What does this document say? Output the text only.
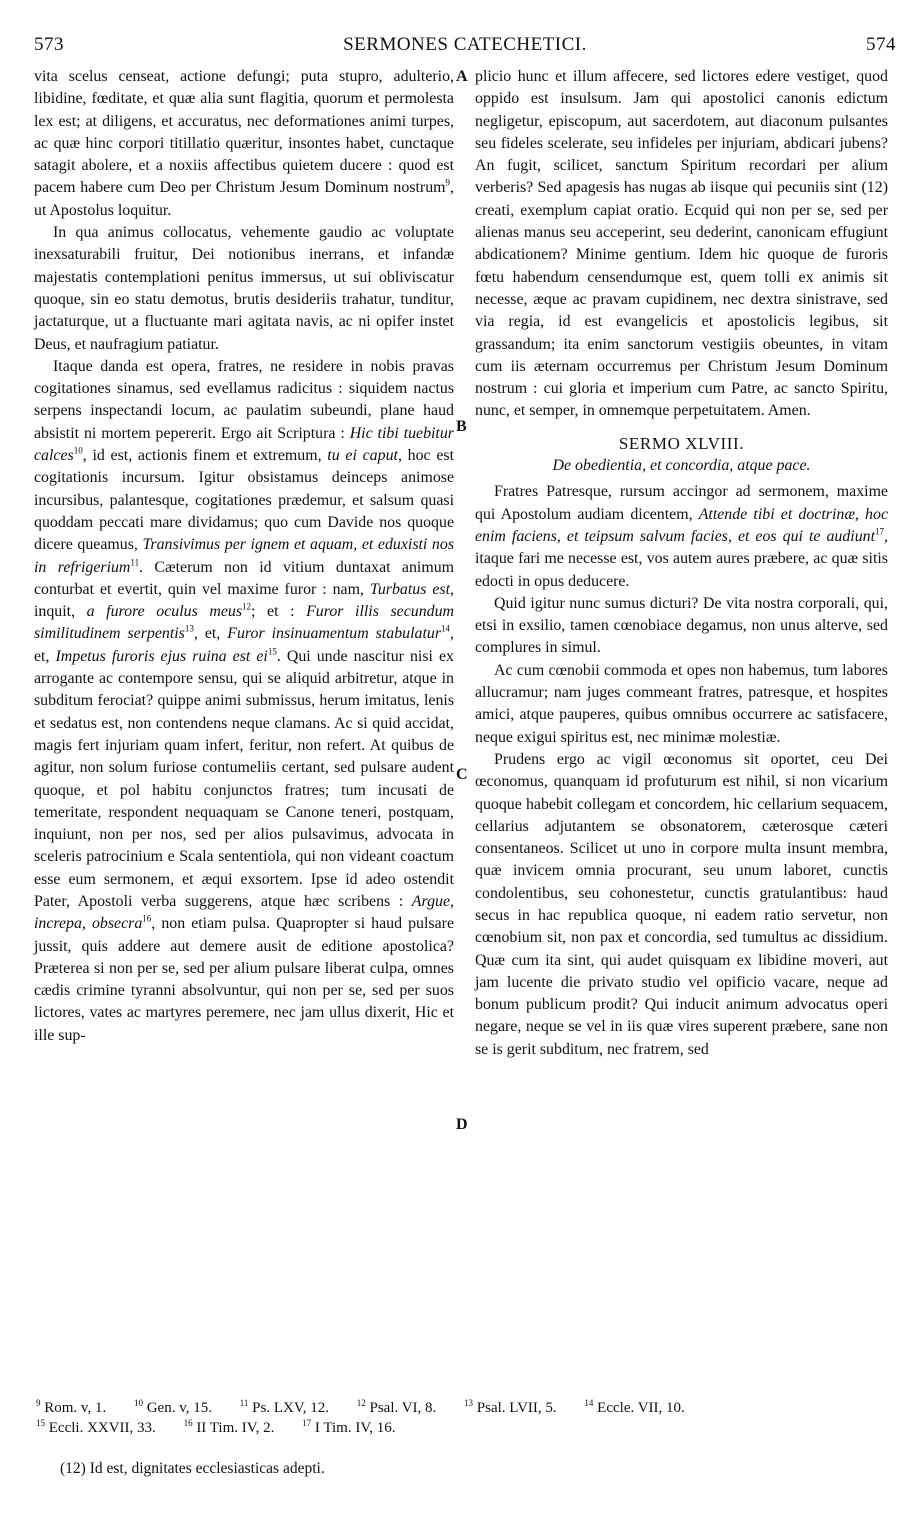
573	SERMONES CATECHETICI.	574
A
B
C
D

vita scelus censeat, actione defungi; puta stupro, adulterio, libidine, fœditate, et quæ alia sunt flagitia, quorum et permolesta lex est; at diligens, et accuratus, nec deformationes animi turpes, ac quæ hinc corpori titillatio quæritur, insontes habet, cunctaque satagit abolere, et a noxiis affectibus quietem ducere : quod est pacem habere cum Deo per Christum Jesum Dominum nostrum$^9$, ut Apostolus loquitur.

In qua animus collocatus, vehemente gaudio ac voluptate inexsaturabili fruitur, Dei notionibus inerrans, et infandæ majestatis contemplationi penitus immersus, ut sui obliviscatur quoque, sin eo statu demotus, brutis desideriis trahatur, tunditur, jactaturque, ut a fluctuante mari agitata navis, ac ni opifer instet Deus, et naufragium patiatur.

Itaque danda est opera, fratres, ne residere in nobis pravas cogitationes sinamus, sed evellamus radicitus : siquidem nactus serpens inspectandi locum, ac paulatim subeundi, plane haud absistit ni mortem pepererit. Ergo ait Scriptura : Hic tibi tuebitur calces$^{10}$, id est, actionis finem et extremum, tu ei caput, hoc est cogitationis incursum. Igitur obsistamus deinceps animose incursibus, palantesque, cogitationes prædemur, et salsum quasi quoddam peccati mare dividamus; quo cum Davide nos quoque dicere queamus, Transivimus per ignem et aquam, et eduxisti nos in refrigerium$^{11}$. Cæterum non id vitium duntaxat animum conturbat et evertit, quin vel maxime furor : nam, Turbatus est, inquit, a furore oculus meus$^{12}$; et : Furor illis secundum similitudinem serpentis$^{13}$, et, Furor insinuamentum stabulatur$^{14}$, et, Impetus furoris ejus ruina est $ei^{15}$. Qui unde nascitur nisi ex arrogante ac contempore sensu, qui se aliquid arbitretur, atque in subditum ferociat? quippe animi submissus, herum imitatus, lenis et sedatus est, non contendens neque clamans. Ac si quid accidat, magis fert injuriam quam infert, feritur, non refert. At quibus de agitur, non solum furiose contumeliis certant, sed pulsare audent quoque, et pol habitu conjunctos fratres; tum incusati de temeritate, respondent nequaquam se Canone teneri, postquam, inquiunt, non per nos, sed per alios pulsavimus, advocata in sceleris patrocinium e Scala sententiola, qui non videant coactum esse eum sermonem, et æqui exsortem. Ipse id adeo ostendit Pater, Apostoli verba suggerens, atque hæc scribens : Argue, increpa, obsecra$^{16}$, non etiam pulsa. Quapropter si haud pulsare jussit, quis addere aut demere ausit de editione apostolica? Præterea si non per se, sed per alium pulsare liberat culpa, omnes cædis crimine tyranni absolvuntur, qui non per se, sed per suos lictores, vates ac martyres peremere, nec jam ullus dixerit, Hic et ille sup-

plicio hunc et illum affecere, sed lictores edere vestiget, quod oppido est insulsum. Jam qui apostolici canonis edictum negligetur, episcopum, aut sacerdotem, aut diaconum pulsantes seu fideles scelerate, seu infideles per injuriam, abdicari jubens? An fugit, scilicet, sanctum Spiritum recordari per alium verberis? Sed apagesis has nugas ab iisque qui pecuniis sint (12) creati, exemplum capiat oratio. Ecquid qui non per se, sed per alienas manus seu acceperint, seu dederint, canonicam effugiunt abdicationem? Minime gentium. Idem hic quoque de furoris fœtu habendum censendumque est, quem tolli ex animis sit necesse, æque ac pravam cupidinem, nec dextra sinistrave, sed via regia, id est evangelicis et apostolicis legibus, sit grassandum; ita enim sanctorum vestigiis obeuntes, in vitam cum iis æternam occurremus per Christum Jesum Dominum nostrum : cui gloria et imperium cum Patre, ac sancto Spiritu, nunc, et semper, in omnemque perpetuitatem. Amen.

SERMO XLVIII.
De obedientia, et concordia, atque pace.

Fratres Patresque, rursum accingor ad sermonem, maxime qui Apostolum audiam dicentem, Attende tibi et doctrinæ, hoc enim faciens, et teipsum salvum facies, et eos qui te audiunt$^{17}$, itaque fari me necesse est, vos autem aures præbere, ac quæ sitis edocti in opus deducere.

Quid igitur nunc sumus dicturi? De vita nostra corporali, qui, etsi in exsilio, tamen cœnobiace degamus, non unus alterve, sed complures in simul.

Ac cum cœnobii commoda et opes non habemus, tum labores allucramur; nam juges commeant fratres, patresque, et hospites amici, atque pauperes, quibus omnibus occurrere ac satisfacere, neque exigui spiritus est, nec minimæ molestiæ.

Prudens ergo ac vigil œconomus sit oportet, ceu Dei œconomus, quanquam id profuturum est nihil, si non vicarium quoque habebit collegam et concordem, hic cellarium sequacem, cellarius adjutantem se obsonatorem, cæterosque cæteri consentaneos. Scilicet ut uno in corpore multa insunt membra, quæ invicem omnia procurant, seu unum laboret, cunctis condolentibus, seu cohonestetur, cunctis gratulantibus: haud secus in hac republica quoque, ni eadem ratio servetur, non cœnobium sit, non pax et concordia, sed tumultus ac dissidium. Quæ cum ita sint, qui audet quisquam ex libidine moveri, aut jam lucente die privato studio vel opificio vacare, neque ad bonum publicum prodit? Qui inducit animum advocatus operi negare, neque se vel in iis quæ vires superent præbere, sane non se is gerit subditum, nec fratrem, sed

$^9$ Rom. v, 1.	$^{10}$ Gen. v, 15.	$^{11}$ Ps. LXV, 12.	$^{12}$ Psal. VI, 8.	$^{13}$ Psal. LVII, 5.	$^{14}$ Eccle. VII, 10.
$^{15}$ Eccli. XXVII, 33.	$^{16}$ II Tim. IV, 2.	$^{17}$ I Tim. IV, 16.
(12) Id est, dignitates ecclesiasticas adepti.
